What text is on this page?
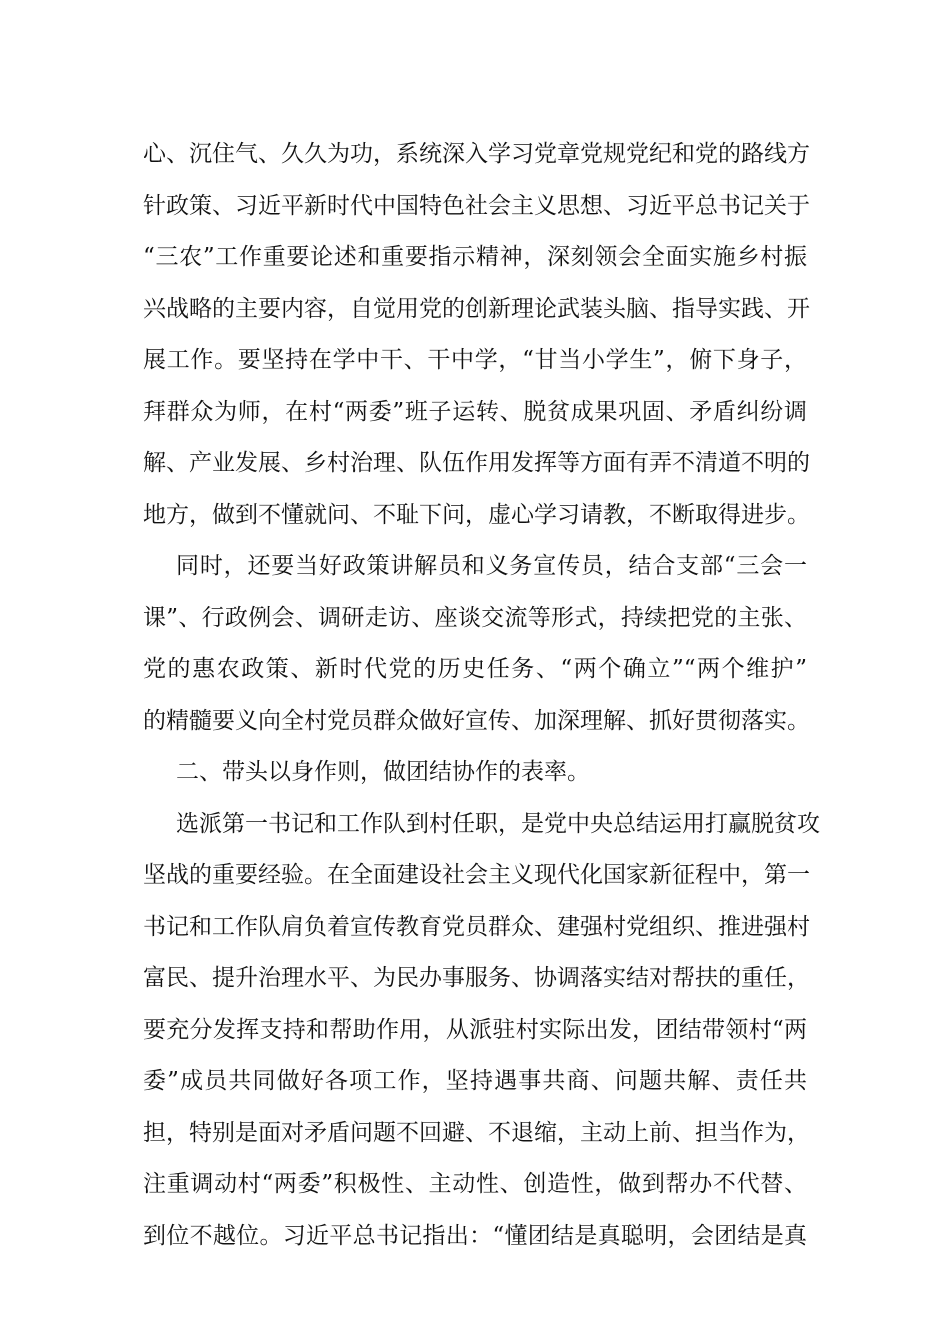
心、沉住气、久久为功，系统深入学习党章党规党纪和党的路线方
针政策、习近平新时代中国特色社会主义思想、习近平总书记关于
“三农”工作重要论述和重要指示精神，深刻领会全面实施乡村振
兴战略的主要内容，自觉用党的创新理论武装头脑、指导实践、开
展工作。要坚持在学中干、干中学，“甘当小学生”，俯下身子，
拜群众为师，在村“两委”班子运转、脱贫成果巩固、矛盾纠纷调
解、产业发展、乡村治理、队伍作用发挥等方面有弄不清道不明的
地方，做到不懂就问、不耻下问，虚心学习请教，不断取得进步。
同时，还要当好政策讲解员和义务宣传员，结合支部“三会一
课”、行政例会、调研走访、座谈交流等形式，持续把党的主张、
党的惠农政策、新时代党的历史任务、“两个确立”“两个维护”
的精髓要义向全村党员群众做好宣传、加深理解、抓好贯彻落实。
二、带头以身作则，做团结协作的表率。
选派第一书记和工作队到村任职，是党中央总结运用打赢脱贫攻
坚战的重要经验。在全面建设社会主义现代化国家新征程中，第一
书记和工作队肩负着宣传教育党员群众、建强村党组织、推进强村
富民、提升治理水平、为民办事服务、协调落实结对帮扶的重任，
要充分发挥支持和帮助作用，从派驻村实际出发，团结带领村“两
委”成员共同做好各项工作，坚持遇事共商、问题共解、责任共
担，特别是面对矛盾问题不回避、不退缩，主动上前、担当作为，
注重调动村“两委”积极性、主动性、创造性，做到帮办不代替、
到位不越位。习近平总书记指出：“懂团结是真聪明，会团结是真
